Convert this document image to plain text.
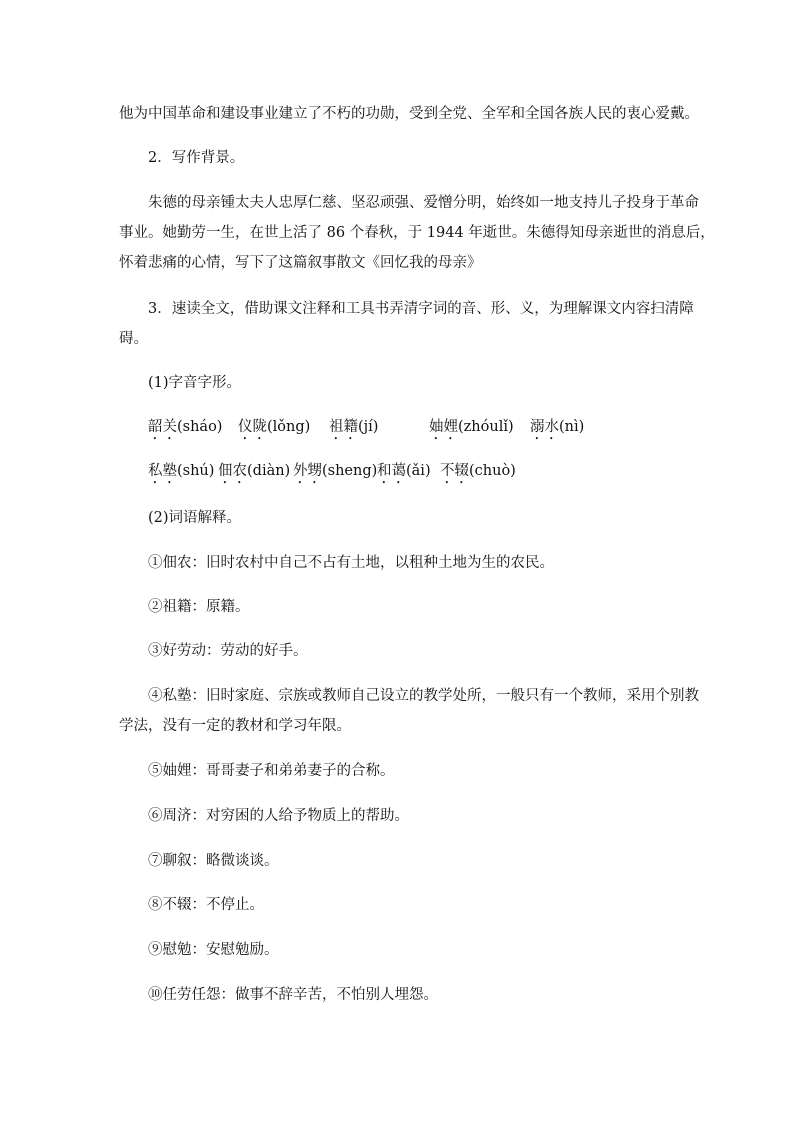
他为中国革命和建设事业建立了不朽的功勋，受到全党、全军和全国各族人民的衷心爱戴。
2．写作背景。
朱德的母亲锺太夫人忠厚仁慈、坚忍顽强、爱憎分明，始终如一地支持儿子投身于革命
事业。她勤劳一生，在世上活了 86 个春秋，于 1944 年逝世。朱德得知母亲逝世的消息后，
怀着悲痛的心情，写下了这篇叙事散文《回忆我的母亲》
3．速读全文，借助课文注释和工具书弄清字词的音、形、义，为理解课文内容扫清障
碍。
(1)字音字形。
韶关(sháo) 仪陇(lǒng) 祖籍(jí)	妯娌(zhóulǐ) 溺水(nì)
私塾(shú) 佃农(diàn) 外甥(sheng) 和蔼(ǎi) 不辍(chuò)
(2)词语解释。
①佃农：旧时农村中自己不占有土地，以租种土地为生的农民。
②祖籍：原籍。
③好劳动：劳动的好手。
④私塾：旧时家庭、宗族或教师自己设立的教学处所，一般只有一个教师，采用个别教
学法，没有一定的教材和学习年限。
⑤妯娌：哥哥妻子和弟弟妻子的合称。
⑥周济：对穷困的人给予物质上的帮助。
⑦聊叙：略微谈谈。
⑧不辍：不停止。
⑨慰勉：安慰勉励。
⑩任劳任怨：做事不辞辛苦，不怕别人埋怨。
